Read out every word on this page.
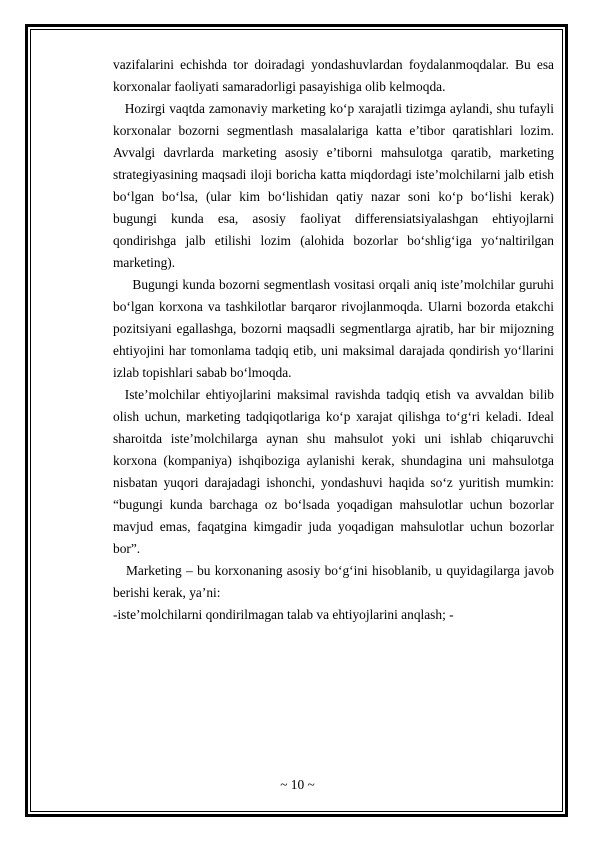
vazifalarini echishda tor doiradagi yondashuvlardan foydalanmoqdalar. Bu esa korxonalar faoliyati samaradorligi pasayishiga olib kelmoqda.

Hozirgi vaqtda zamonaviy marketing ko‘p xarajatli tizimga aylandi, shu tufayli korxonalar bozorni segmentlash masalalariga katta e’tibor qaratishlari lozim. Avvalgi davrlarda marketing asosiy e’tiborni mahsulotga qaratib, marketing strategiyasining maqsadi iloji boricha katta miqdordagi iste’molchilarni jalb etish bo‘lgan bo‘lsa, (ular kim bo‘lishidan qatiy nazar soni ko‘p bo‘lishi kerak) bugungi kunda esa, asosiy faoliyat differensiatsiyalashgan ehtiyojlarni qondirishga jalb etilishi lozim (alohida bozorlar bo‘shlig‘iga yo‘naltirilgan marketing).

Bugungi kunda bozorni segmentlash vositasi orqali aniq iste’molchilar guruhi bo‘lgan korxona va tashkilotlar barqaror rivojlanmoqda. Ularni bozorda etakchi pozitsiyani egallashga, bozorni maqsadli segmentlarga ajratib, har bir mijozning ehtiyojini har tomonlama tadqiq etib, uni maksimal darajada qondirish yo‘llarini izlab topishlari sabab bo‘lmoqda.

Iste’molchilar ehtiyojlarini maksimal ravishda tadqiq etish va avvaldan bilib olish uchun, marketing tadqiqotlariga ko‘p xarajat qilishga to‘g‘ri keladi. Ideal sharoitda iste’molchilarga aynan shu mahsulot yoki uni ishlab chiqaruvchi korxona (kompaniya) ishqiboziga aylanishi kerak, shundagina uni mahsulotga nisbatan yuqori darajadagi ishonchi, yondashuvi haqida so‘z yuritish mumkin: “bugungi kunda barchaga oz bo‘lsada yoqadigan mahsulotlar uchun bozorlar mavjud emas, faqatgina kimgadir juda yoqadigan mahsulotlar uchun bozorlar bor”.

Marketing – bu korxonaning asosiy bo‘g‘ini hisoblanib, u quyidagilarga javob berishi kerak, ya’ni:

-iste’molchilarni qondirilmagan talab va ehtiyojlarini anqlash; -

~ 10 ~
